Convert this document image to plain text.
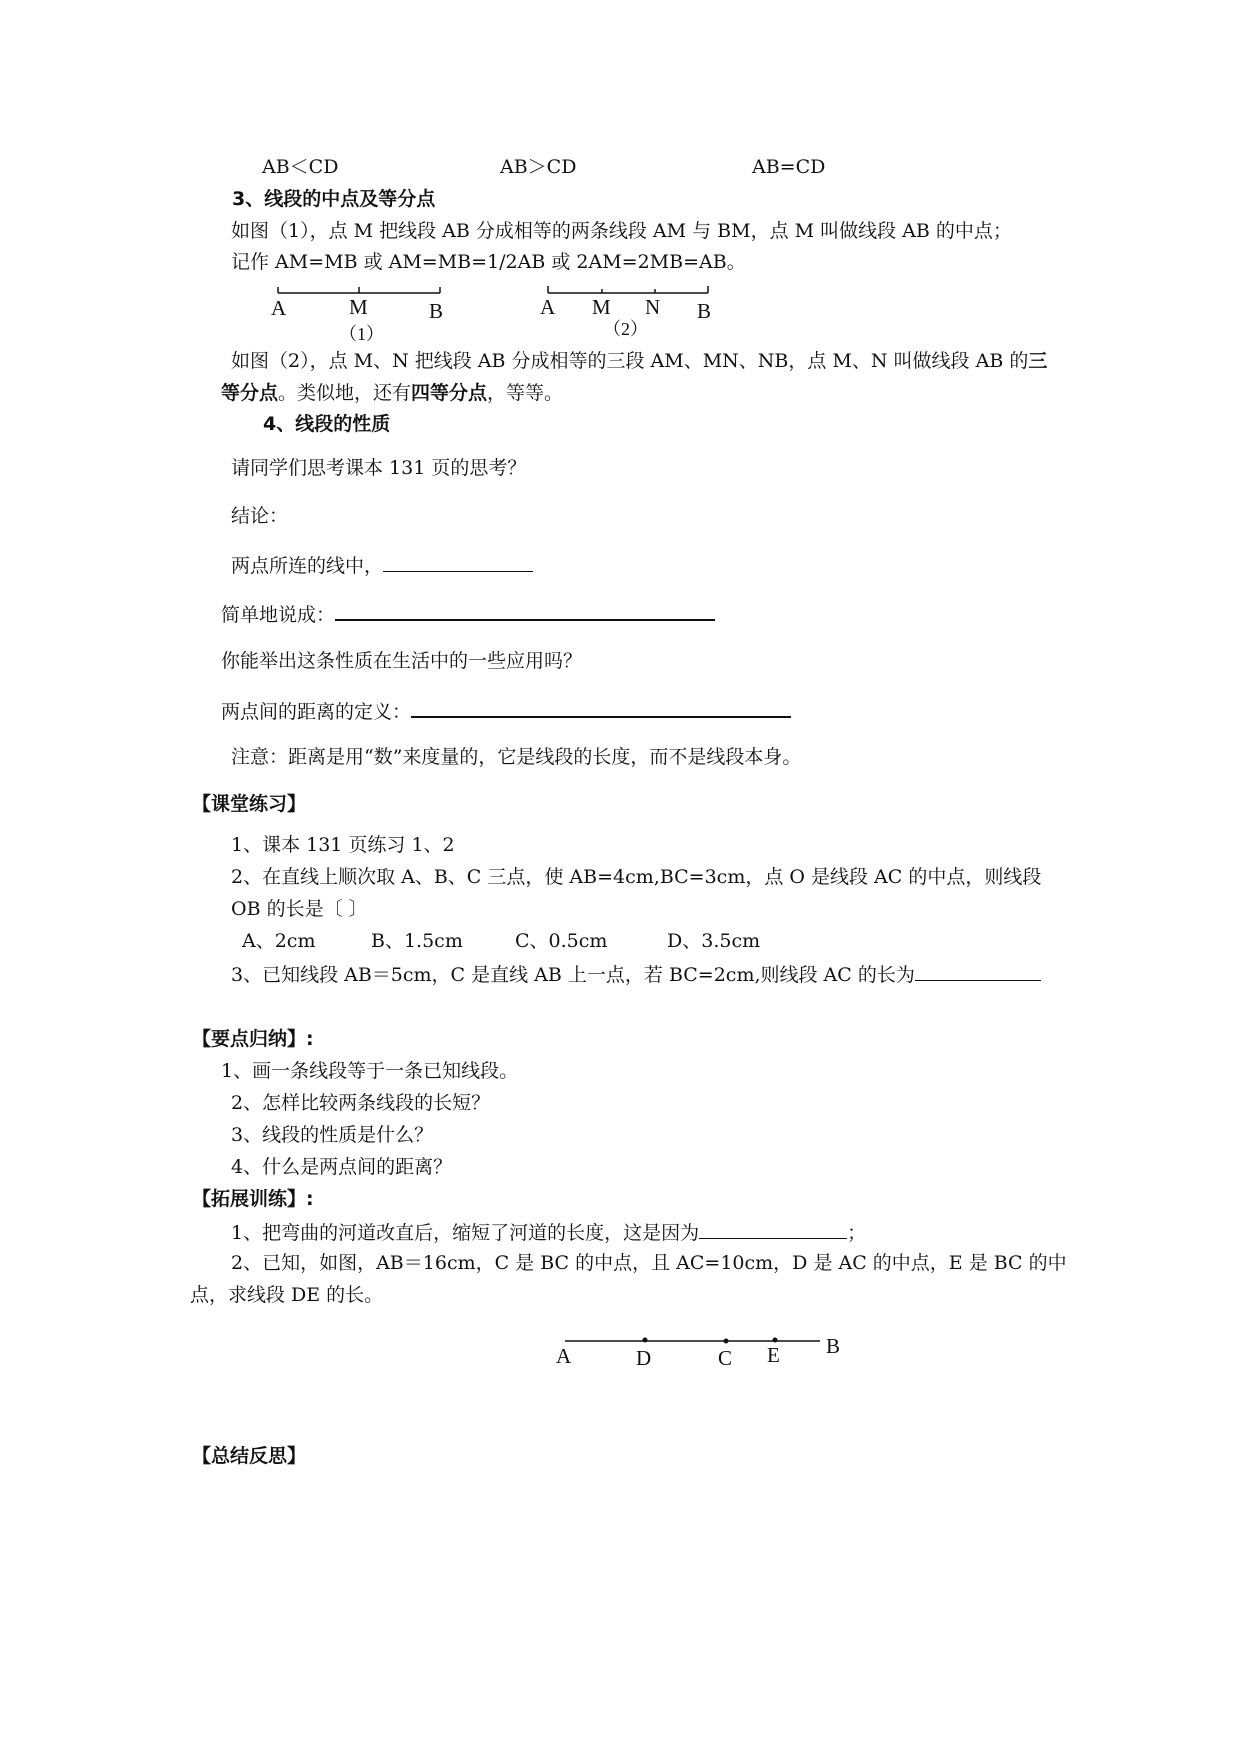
AB＜CD	AB＞CD	AB=CD
3、线段的中点及等分点
如图（1），点 M 把线段 AB 分成相等的两条线段 AM 与 BM，点 M 叫做线段 AB 的中点；
记作 AM=MB 或 AM=MB=1/2AB 或 2AM=2MB=AB。
A	M	B
（1）
A M N B
（2）
A	D	C E B
如图（2），点 M、N 把线段 AB 分成相等的三段 AM、MN、NB，点 M、N 叫做线段 AB 的三
等分点。类似地，还有四等分点，等等。
4、线段的性质
请同学们思考课本 131 页的思考？
结论：
两点所连的线中，
简单地说成：
你能举出这条性质在生活中的一些应用吗？
两点间的距离的定义：
注意：距离是用“数”来度量的，它是线段的长度，而不是线段本身。
【课堂练习】
1、课本 131 页练习 1、2
2、在直线上顺次取 A、B、C 三点，使 AB=4cm,BC=3cm，点 O 是线段 AC 的中点，则线段
OB 的长是〔 〕
A、2cm	B、1.5cm	C、0.5cm	D、3.5cm
3、已知线段 AB＝5cm，C 是直线 AB 上一点，若 BC=2cm,则线段 AC 的长为
【要点归纳】:
1、画一条线段等于一条已知线段。
2、怎样比较两条线段的长短？
3、线段的性质是什么？
4、什么是两点间的距离？
【拓展训练】:
1、把弯曲的河道改直后，缩短了河道的长度，这是因为	；
2、已知，如图，AB＝16cm，C 是 BC 的中点，且 AC=10cm，D 是 AC 的中点，E 是 BC 的中
点，求线段 DE 的长。
【总结反思】
